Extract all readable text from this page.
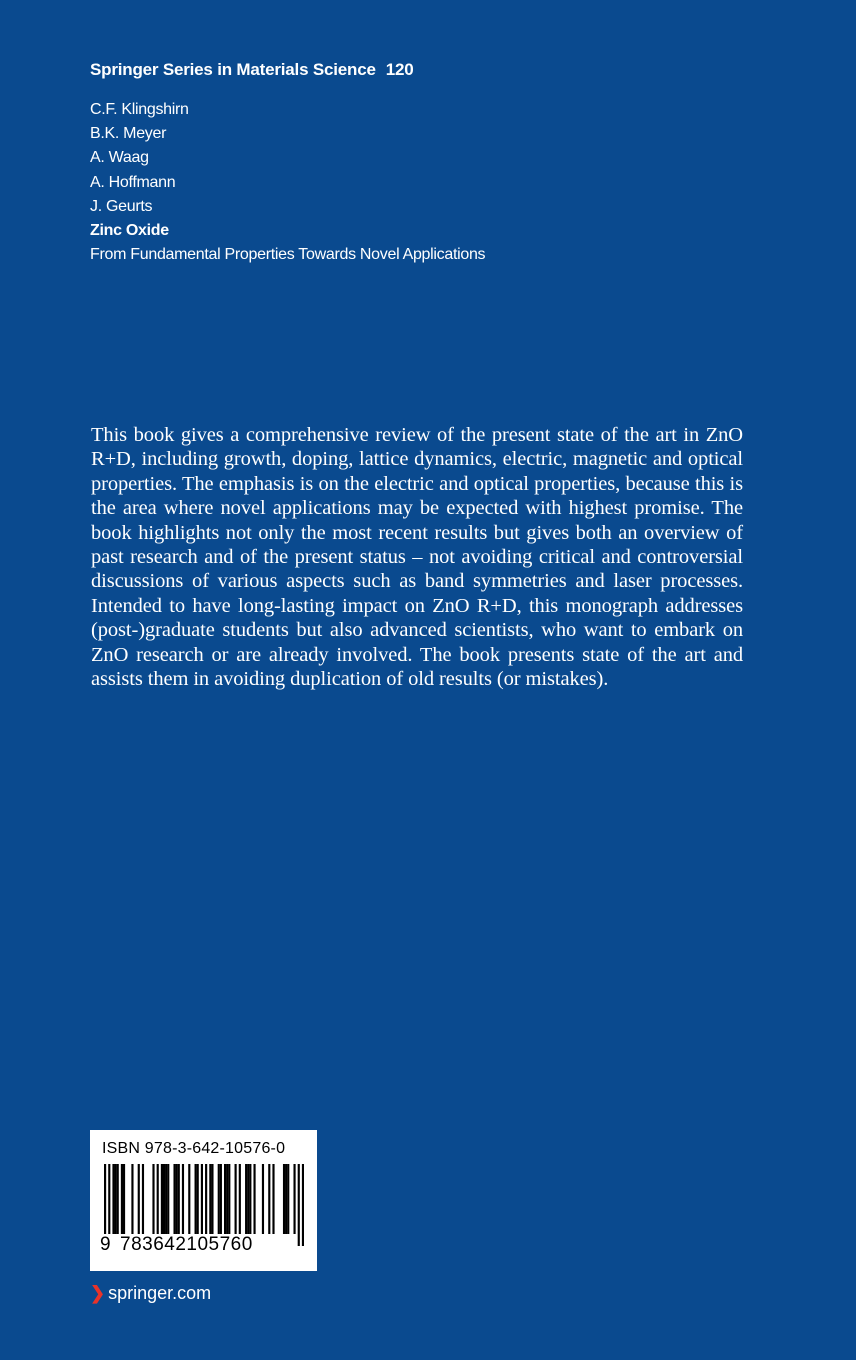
Springer Series in Materials Science 120
C.F. Klingshirn
B.K. Meyer
A. Waag
A. Hoffmann
J. Geurts
Zinc Oxide
From Fundamental Properties Towards Novel Applications
This book gives a comprehensive review of the present state of the art in ZnO R+D, including growth, doping, lattice dynamics, electric, magnetic and optical properties. The emphasis is on the electric and optical properties, because this is the area where novel applications may be expected with highest promise. The book highlights not only the most recent results but gives both an overview of past research and of the present status – not avoiding critical and controversial discussions of various aspects such as band symmetries and laser processes. Intended to have long-lasting impact on ZnO R+D, this monograph addresses (post-)graduate students but also advanced scientists, who want to embark on ZnO research or are already involved. The book presents state of the art and assists them in avoiding duplication of old results (or mistakes).
ISBN 978-3-642-10576-0
9 783642105760
❯ springer.com
